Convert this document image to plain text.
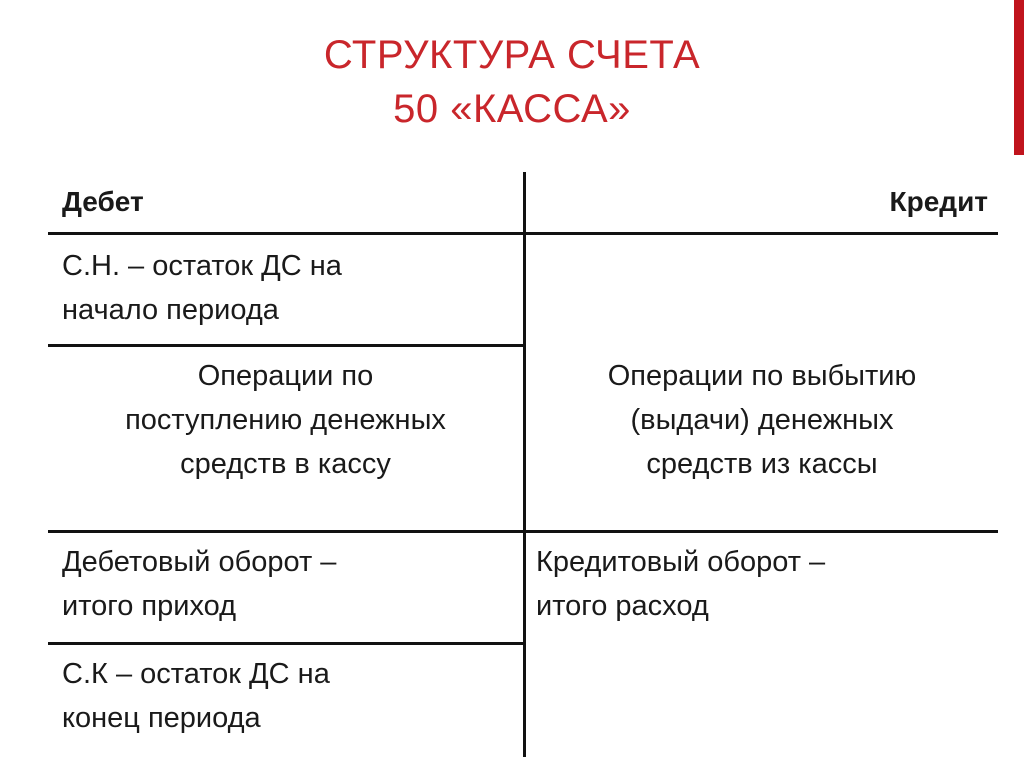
СТРУКТУРА СЧЕТА
50 «КАССА»
Дебет	Кредит
С.Н. – остаток ДС на
начало периода
Операции по
поступлению денежных
средств в кассу
Операции по выбытию
(выдачи) денежных
средств из кассы
Дебетовый оборот –
итого приход
Кредитовый оборот –
итого расход
С.К – остаток ДС на
конец периода
